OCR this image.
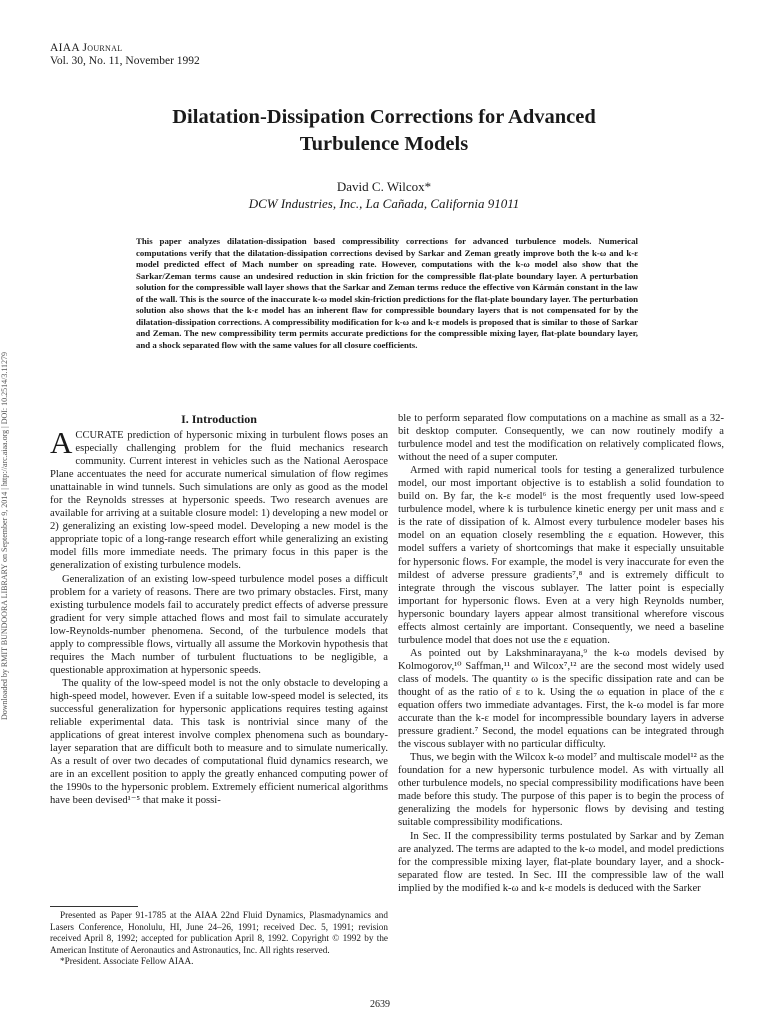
Downloaded by RMIT BUNDOORA LIBRARY on September 9, 2014 | http://arc.aiaa.org | DOI: 10.2514/3.11279
AIAA Journal
Vol. 30, No. 11, November 1992
Dilatation-Dissipation Corrections for Advanced
Turbulence Models
David C. Wilcox*
DCW Industries, Inc., La Cañada, California 91011
This paper analyzes dilatation-dissipation based compressibility corrections for advanced turbulence models. Numerical computations verify that the dilatation-dissipation corrections devised by Sarkar and Zeman greatly improve both the k-ω and k-ε model predicted effect of Mach number on spreading rate. However, computations with the k-ω model also show that the Sarkar/Zeman terms cause an undesired reduction in skin friction for the compressible flat-plate boundary layer. A perturbation solution for the compressible wall layer shows that the Sarkar and Zeman terms reduce the effective von Kármán constant in the law of the wall. This is the source of the inaccurate k-ω model skin-friction predictions for the flat-plate boundary layer. The perturbation solution also shows that the k-ε model has an inherent flaw for compressible boundary layers that is not compensated for by the dilatation-dissipation corrections. A compressibility modification for k-ω and k-ε models is proposed that is similar to those of Sarkar and Zeman. The new compressibility term permits accurate predictions for the compressible mixing layer, flat-plate boundary layer, and a shock separated flow with the same values for all closure coefficients.
I. Introduction

ACCURATE prediction of hypersonic mixing in turbulent flows poses an especially challenging problem for the fluid mechanics research community. Current interest in vehicles such as the National Aerospace Plane accentuates the need for accurate numerical simulation of flow regimes unattainable in wind tunnels. Such simulations are only as good as the model for the Reynolds stresses at hypersonic speeds. Two research avenues are available for arriving at a suitable closure model: 1) developing a new model or 2) generalizing an existing low-speed model. Developing a new model is the appropriate topic of a long-range research effort while generalizing an existing model fills more immediate needs. The primary focus in this paper is the generalization of existing turbulence models.

Generalization of an existing low-speed turbulence model poses a difficult problem for a variety of reasons. There are two primary obstacles. First, many existing turbulence models fail to accurately predict effects of adverse pressure gradient for very simple attached flows and most fail to simulate accurately low-Reynolds-number phenomena. Second, of the turbulence models that apply to compressible flows, virtually all assume the Morkovin hypothesis that requires the Mach number of turbulent fluctuations to be negligible, a questionable approximation at hypersonic speeds.

The quality of the low-speed model is not the only obstacle to developing a high-speed model, however. Even if a suitable low-speed model is selected, its successful generalization for hypersonic applications requires testing against reliable experimental data. This task is nontrivial since many of the applications of great interest involve complex phenomena such as boundary-layer separation that are difficult both to measure and to simulate numerically. As a result of over two decades of computational fluid dynamics research, we are in an excellent position to apply the greatly enhanced computing power of the 1990s to the hypersonic problem. Extremely efficient numerical algorithms have been devised¹⁻⁵ that make it possi-

ble to perform separated flow computations on a machine as small as a 32-bit desktop computer. Consequently, we can now routinely modify a turbulence model and test the modification on relatively complicated flows, without the need of a super computer.

Armed with rapid numerical tools for testing a generalized turbulence model, our most important objective is to establish a solid foundation to build on. By far, the k-ε model⁶ is the most frequently used low-speed turbulence model, where k is turbulence kinetic energy per unit mass and ε is the rate of dissipation of k. Almost every turbulence modeler bases his model on an equation closely resembling the ε equation. However, this model suffers a variety of shortcomings that make it especially unsuitable for hypersonic flows. For example, the model is very inaccurate for even the mildest of adverse pressure gradients⁷,⁸ and is extremely difficult to integrate through the viscous sublayer. The latter point is especially important for hypersonic flows. Even at a very high Reynolds number, hypersonic boundary layers appear almost transitional wherefore viscous effects almost certainly are important. Consequently, we need a baseline turbulence model that does not use the ε equation.

As pointed out by Lakshminarayana,⁹ the k-ω models devised by Kolmogorov,¹⁰ Saffman,¹¹ and Wilcox⁷,¹² are the second most widely used class of models. The quantity ω is the specific dissipation rate and can be thought of as the ratio of ε to k. Using the ω equation in place of the ε equation offers two immediate advantages. First, the k-ω model is far more accurate than the k-ε model for incompressible boundary layers in adverse pressure gradient.⁷ Second, the model equations can be integrated through the viscous sublayer with no particular difficulty.

Thus, we begin with the Wilcox k-ω model⁷ and multiscale model¹² as the foundation for a new hypersonic turbulence model. As with virtually all other turbulence models, no special compressibility modifications have been made before this study. The purpose of this paper is to begin the process of generalizing the models for hypersonic flows by devising and testing suitable compressibility modifications.

In Sec. II the compressibility terms postulated by Sarkar and by Zeman are analyzed. The terms are adapted to the k-ω model, and model predictions for the compressible mixing layer, flat-plate boundary layer, and a shock-separated flow are tested. In Sec. III the compressible law of the wall implied by the modified k-ω and k-ε models is deduced with the Sarker

Presented as Paper 91-1785 at the AIAA 22nd Fluid Dynamics, Plasmadynamics and Lasers Conference, Honolulu, HI, June 24–26, 1991; received Dec. 5, 1991; revision received April 8, 1992; accepted for publication April 8, 1992. Copyright © 1992 by the American Institute of Aeronautics and Astronautics, Inc. All rights reserved.

*President. Associate Fellow AIAA.

2639
